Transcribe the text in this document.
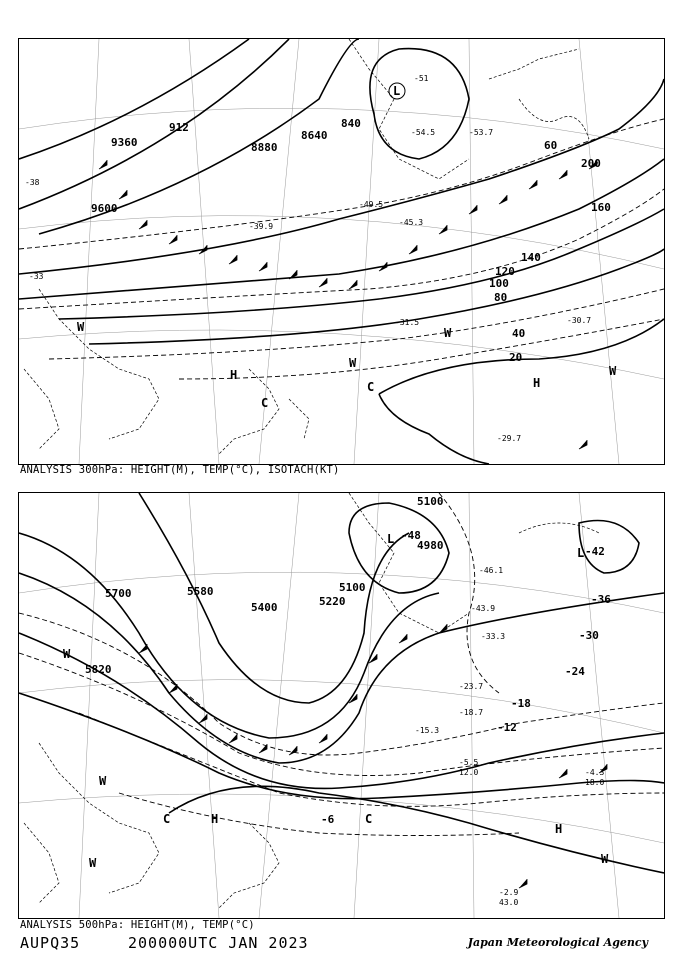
9360
912
8880
8640
840
9600
40
60
80
100
120
140
160
200
20
L
H
H
W
W
W
W
C
C
-51
-53.7
-54.5
-49.5
-45.3
-39.9
-31.5	-30.7
-29.7
-33
-38
ANALYSIS 300hPa: HEIGHT(M), TEMP(°C), ISOTACH(KT)
5100
4980
5100
5220
5400
5580
5700
5820
-48
-42
-36
-30
-24
-18
-12
-6
L
L
H
H
W
W
W	W
C	C
-46.1
-43.9
-33.3
-23.7
-18.7
-15.3
-5.5
-4.3
-2.9
12.0
18.0
43.0
ANALYSIS 500hPa: HEIGHT(M), TEMP(°C)
AUPQ35	200000UTC JAN 2023	Japan Meteorological Agency
